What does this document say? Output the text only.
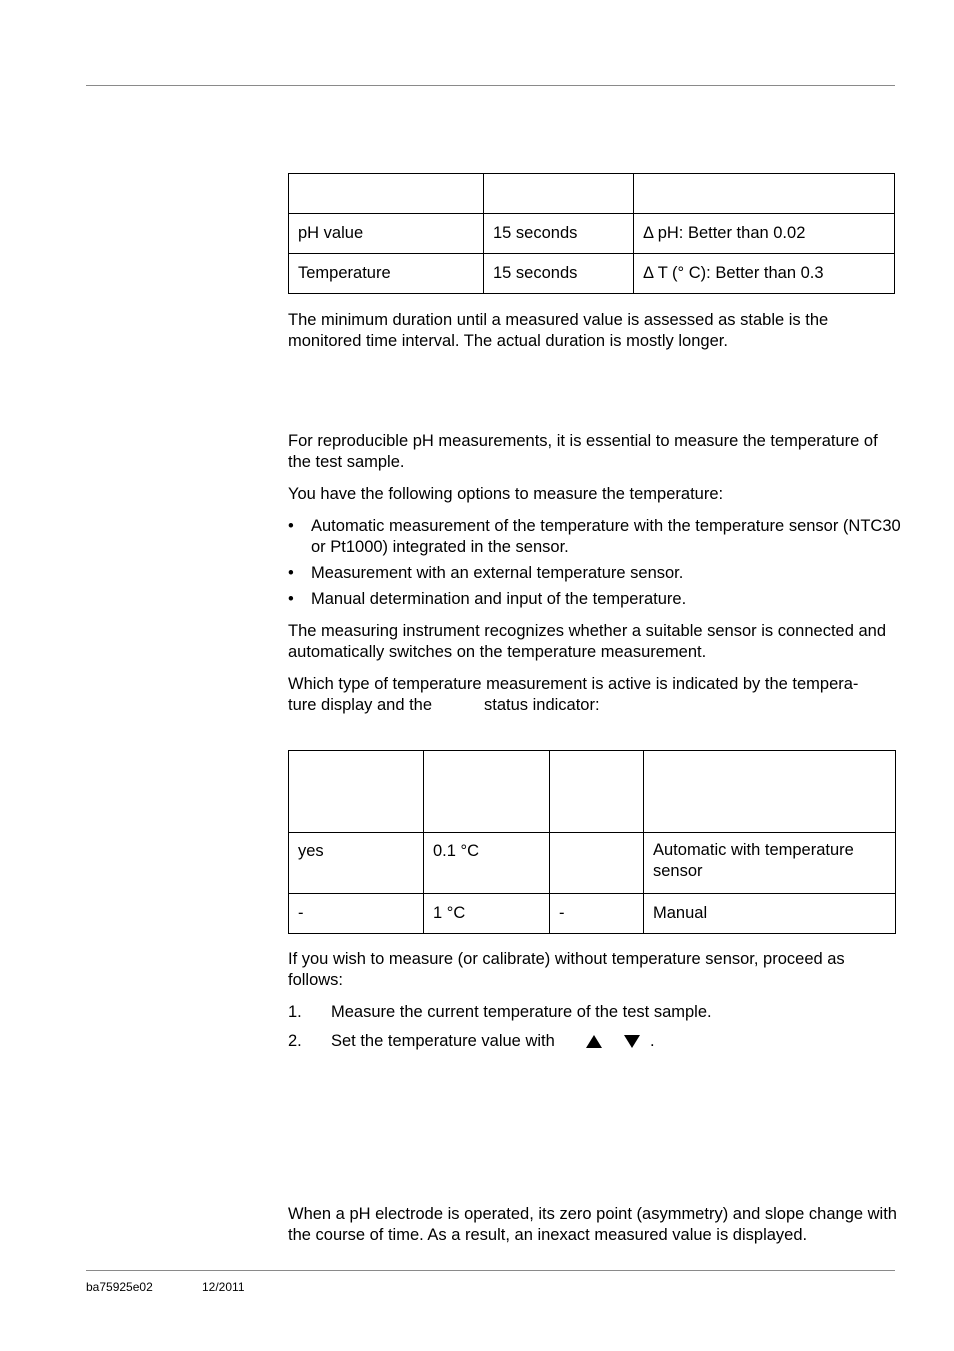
pH value	15 seconds	Δ pH: Better than 0.02
Temperature	15 seconds	Δ T (° C): Better than 0.3

The minimum duration until a measured value is assessed as stable is the monitored time interval. The actual duration is mostly longer.

For reproducible pH measurements, it is essential to measure the temperature of the test sample.

You have the following options to measure the temperature:

• Automatic measurement of the temperature with the temperature sensor (NTC30 or Pt1000) integrated in the sensor.
• Measurement with an external temperature sensor.
• Manual determination and input of the temperature.

The measuring instrument recognizes whether a suitable sensor is connected and automatically switches on the temperature measurement.

Which type of temperature measurement is active is indicated by the tempera-

ture display and the	status indicator:

yes	0.1 °C		Automatic with temperature sensor
-	1 °C	-	Manual

If you wish to measure (or calibrate) without temperature sensor, proceed as follows:

1. Measure the current temperature of the test sample.
2. Set the temperature value with	.

When a pH electrode is operated, its zero point (asymmetry) and slope change with the course of time. As a result, an inexact measured value is displayed.

ba75925e02	12/2011
